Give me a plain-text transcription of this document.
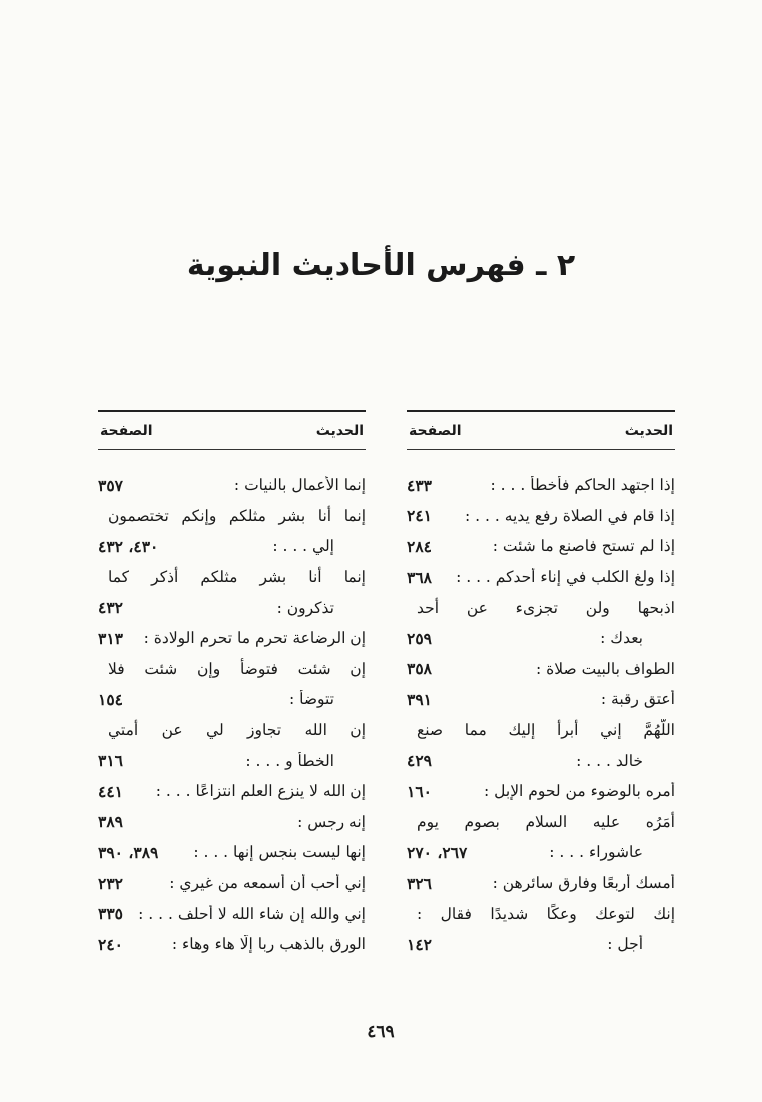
٢ ـ فهرس الأحاديث النبوية
الحديث
الصفحة
إذا اجتهد الحاكم فأخطأ . . . :
٤٣٣
إذا قام في الصلاة رفع يديه . . . :
٢٤١
إذا لم تستح فاصنع ما شئت :
٢٨٤
إذا ولغ الكلب في إناء أحدكم . . . :
٣٦٨
اذبحها ولن تجزىء عن أحد
بعدك :
٢٥٩
الطواف بالبيت صلاة :
٣٥٨
أعتق رقبة :
٣٩١
اللَّهُمَّ إني أبرأ إليك مما صنع
خالد . . . :
٤٢٩
أمره بالوضوء من لحوم الإبل :
١٦٠
أَمَرُه عليه السلام بصوم يوم
عاشوراء . . . :
٢٦٧، ٢٧٠
أمسك أربعًا وفارق سائرهن :
٣٢٦
إنك لتوعك وعكًا شديدًا فقال :
أجل :
١٤٢
الحديث
الصفحة
إنما الأعمال بالنيات :
٣٥٧
إنما أنا بشر مثلكم وإنكم تختصمون
إلي . . . :
٤٣٠، ٤٣٢
إنما أنا بشر مثلكم أذكر كما
تذكرون :
٤٣٢
إن الرضاعة تحرم ما تحرم الولادة :
٣١٣
إن شئت فتوضأ وإن شئت فلا
تتوضأ :
١٥٤
إن الله تجاوز لي عن أمتي
الخطأ و . . . :
٣١٦
إن الله لا ينزع العلم انتزاعًا . . . :
٤٤١
إنه رجس :
٣٨٩
إنها ليست بنجس إنها . . . :
٣٨٩، ٣٩٠
إني أحب أن أسمعه من غيري :
٢٣٢
إني والله إن شاء الله لا أحلف . . . :
٣٣٥
الورق بالذهب ربا إلّا هاء وهاء :
٢٤٠
٤٦٩
